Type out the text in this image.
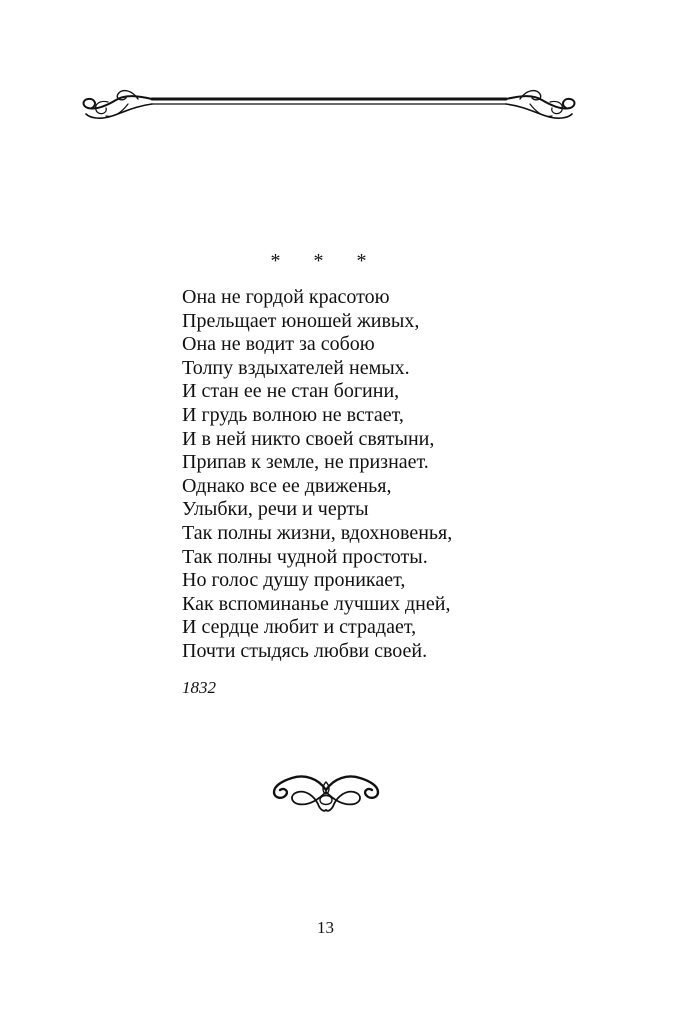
* * *
Она не гордой красотою
Прельщает юношей живых,
Она не водит за собою
Толпу вздыхателей немых.
И стан ее не стан богини,
И грудь волною не встает,
И в ней никто своей святыни,
Припав к земле, не признает.
Однако все ее движенья,
Улыбки, речи и черты
Так полны жизни, вдохновенья,
Так полны чудной простоты.
Но голос душу проникает,
Как вспоминанье лучших дней,
И сердце любит и страдает,
Почти стыдясь любви своей.
1832
13
